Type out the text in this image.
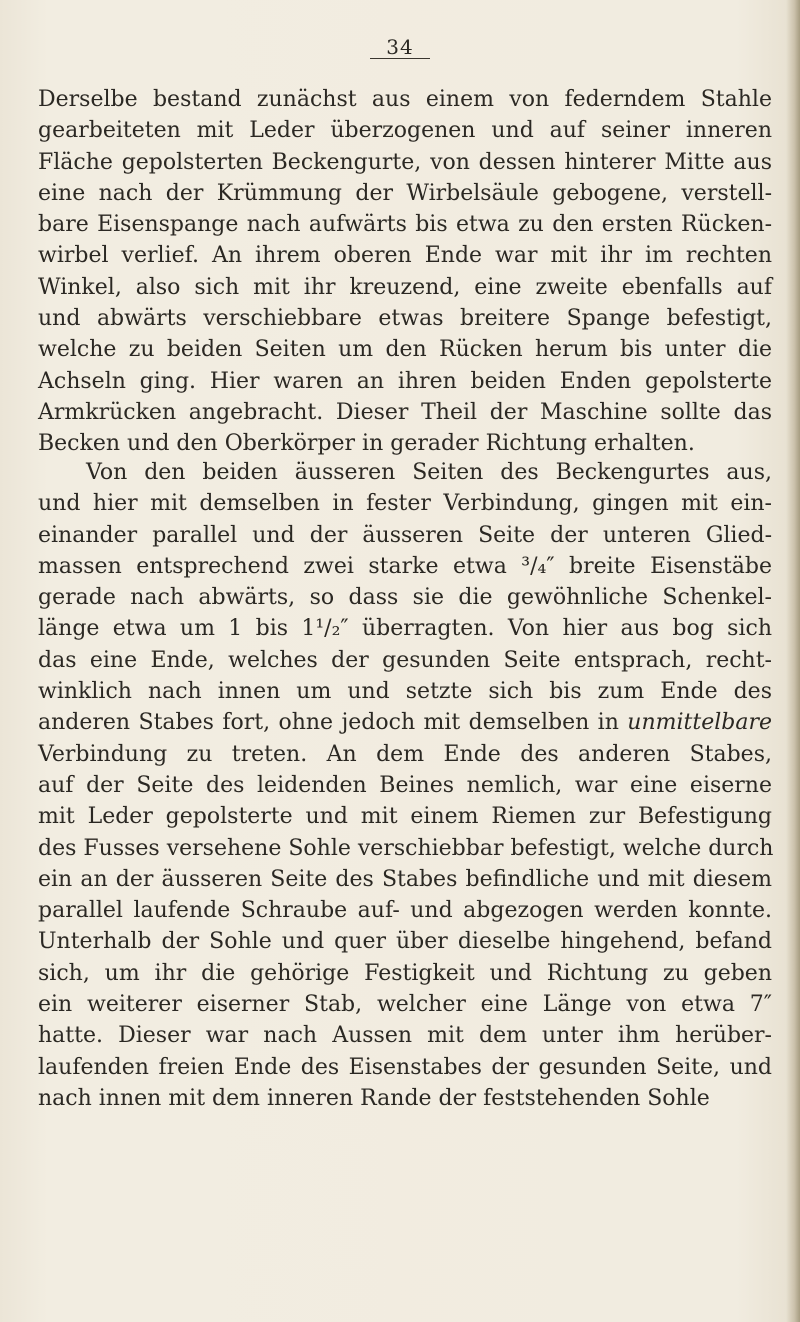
34
Derselbe bestand zunächst aus einem von federndem Stahle
gearbeiteten mit Leder überzogenen und auf seiner inneren
Fläche gepolsterten Beckengurte, von dessen hinterer Mitte aus
eine nach der Krümmung der Wirbelsäule gebogene, verstell-
bare Eisenspange nach aufwärts bis etwa zu den ersten Rücken-
wirbel verlief. An ihrem oberen Ende war mit ihr im rechten
Winkel, also sich mit ihr kreuzend, eine zweite ebenfalls auf
und abwärts verschiebbare etwas breitere Spange befestigt,
welche zu beiden Seiten um den Rücken herum bis unter die
Achseln ging. Hier waren an ihren beiden Enden gepolsterte
Armkrücken angebracht. Dieser Theil der Maschine sollte das
Becken und den Oberkörper in gerader Richtung erhalten.
Von den beiden äusseren Seiten des Beckengurtes aus,
und hier mit demselben in fester Verbindung, gingen mit ein-
einander parallel und der äusseren Seite der unteren Glied-
massen entsprechend zwei starke etwa ³/₄″ breite Eisenstäbe
gerade nach abwärts, so dass sie die gewöhnliche Schenkel-
länge etwa um 1 bis 1¹/₂″ überragten. Von hier aus bog sich
das eine Ende, welches der gesunden Seite entsprach, recht-
winklich nach innen um und setzte sich bis zum Ende des
anderen Stabes fort, ohne jedoch mit demselben in unmittelbare
Verbindung zu treten. An dem Ende des anderen Stabes,
auf der Seite des leidenden Beines nemlich, war eine eiserne
mit Leder gepolsterte und mit einem Riemen zur Befestigung
des Fusses versehene Sohle verschiebbar befestigt, welche durch
ein an der äusseren Seite des Stabes befindliche und mit diesem
parallel laufende Schraube auf- und abgezogen werden konnte.
Unterhalb der Sohle und quer über dieselbe hingehend, befand
sich, um ihr die gehörige Festigkeit und Richtung zu geben
ein weiterer eiserner Stab, welcher eine Länge von etwa 7″
hatte. Dieser war nach Aussen mit dem unter ihm herüber-
laufenden freien Ende des Eisenstabes der gesunden Seite, und
nach innen mit dem inneren Rande der feststehenden Sohle
